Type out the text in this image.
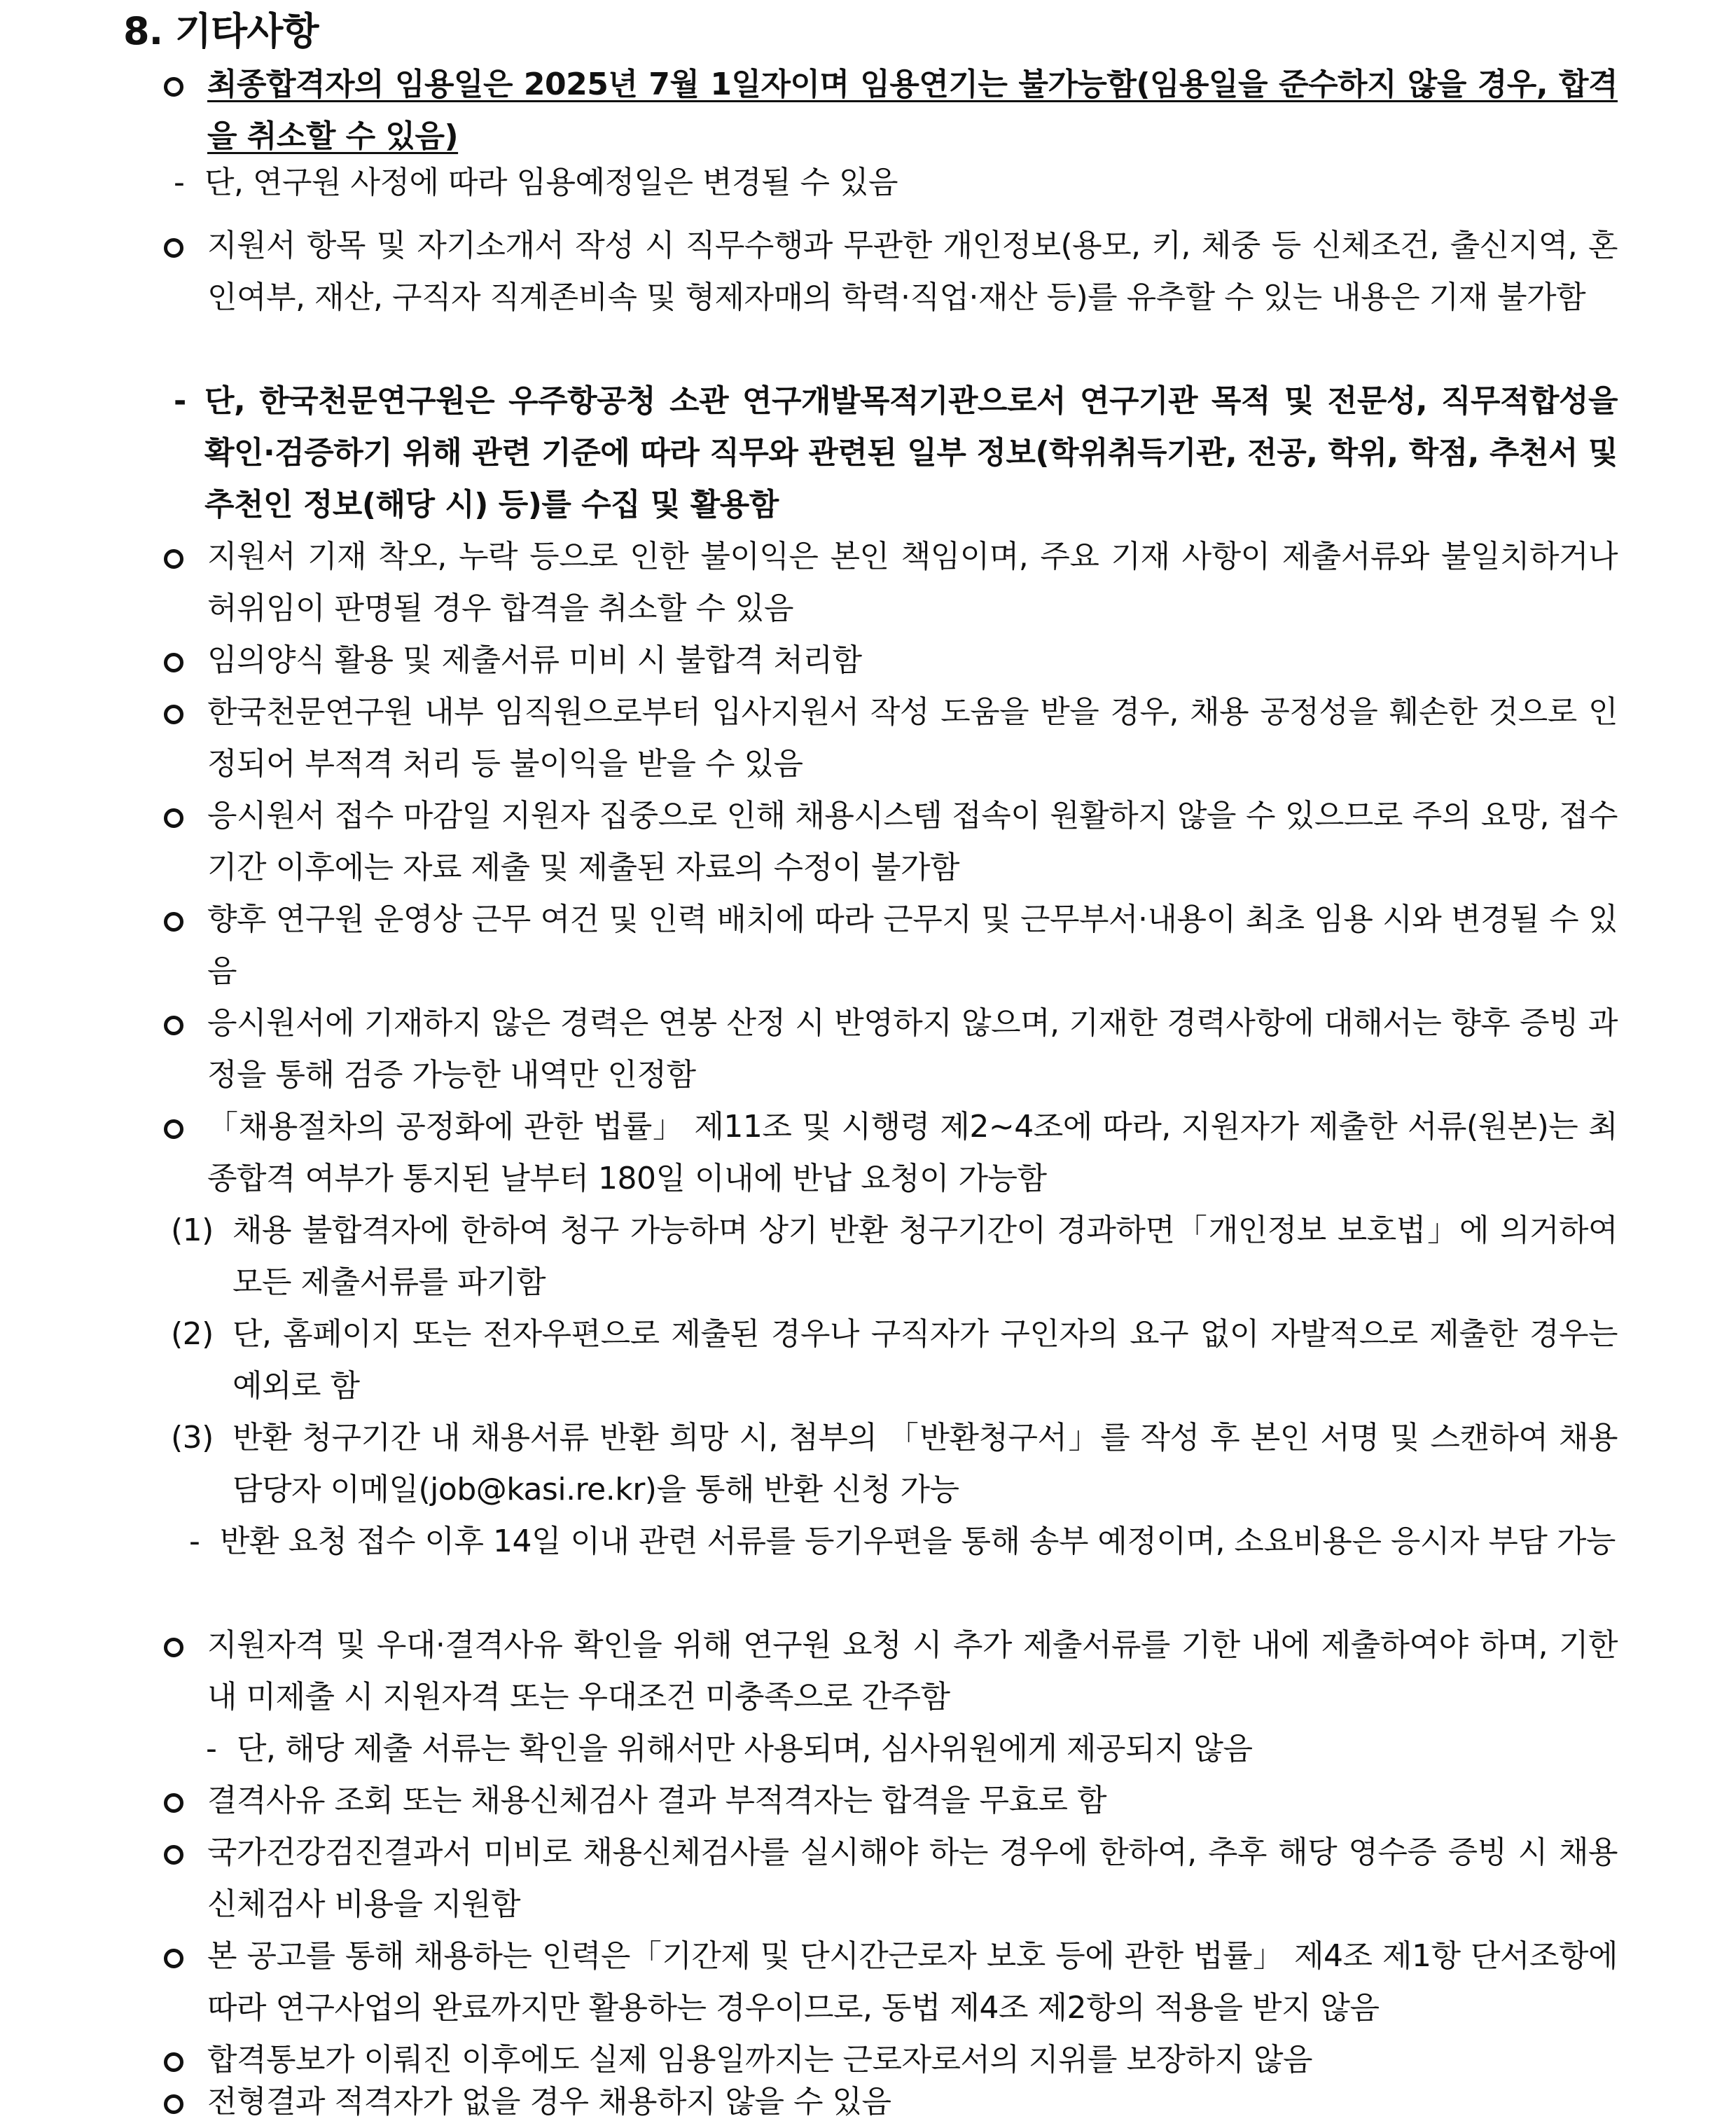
8. 기타사항
최종합격자의 임용일은 2025년 7월 1일자이며 임용연기는 불가능함(임용일을 준수하지 않을 경우, 합격을 취소할 수 있음)
- 단, 연구원 사정에 따라 임용예정일은 변경될 수 있음
지원서 항목 및 자기소개서 작성 시 직무수행과 무관한 개인정보(용모, 키, 체중 등 신체조건, 출신지역, 혼인여부, 재산, 구직자 직계존비속 및 형제자매의 학력·직업·재산 등)를 유추할 수 있는 내용은 기재 불가함
- 단, 한국천문연구원은 우주항공청 소관 연구개발목적기관으로서 연구기관 목적 및 전문성, 직무적합성을 확인·검증하기 위해 관련 기준에 따라 직무와 관련된 일부 정보(학위취득기관, 전공, 학위, 학점, 추천서 및 추천인 정보(해당 시) 등)를 수집 및 활용함
지원서 기재 착오, 누락 등으로 인한 불이익은 본인 책임이며, 주요 기재 사항이 제출서류와 불일치하거나 허위임이 판명될 경우 합격을 취소할 수 있음
임의양식 활용 및 제출서류 미비 시 불합격 처리함
한국천문연구원 내부 임직원으로부터 입사지원서 작성 도움을 받을 경우, 채용 공정성을 훼손한 것으로 인정되어 부적격 처리 등 불이익을 받을 수 있음
응시원서 접수 마감일 지원자 집중으로 인해 채용시스템 접속이 원활하지 않을 수 있으므로 주의 요망, 접수기간 이후에는 자료 제출 및 제출된 자료의 수정이 불가함
향후 연구원 운영상 근무 여건 및 인력 배치에 따라 근무지 및 근무부서·내용이 최초 임용 시와 변경될 수 있음
응시원서에 기재하지 않은 경력은 연봉 산정 시 반영하지 않으며, 기재한 경력사항에 대해서는 향후 증빙 과정을 통해 검증 가능한 내역만 인정함
「채용절차의 공정화에 관한 법률」 제11조 및 시행령 제2~4조에 따라, 지원자가 제출한 서류(원본)는 최종합격 여부가 통지된 날부터 180일 이내에 반납 요청이 가능함
(1) 채용 불합격자에 한하여 청구 가능하며 상기 반환 청구기간이 경과하면「개인정보 보호법」에 의거하여 모든 제출서류를 파기함
(2) 단, 홈페이지 또는 전자우편으로 제출된 경우나 구직자가 구인자의 요구 없이 자발적으로 제출한 경우는 예외로 함
(3) 반환 청구기간 내 채용서류 반환 희망 시, 첨부의 「반환청구서」를 작성 후 본인 서명 및 스캔하여 채용 담당자 이메일(job@kasi.re.kr)을 통해 반환 신청 가능
- 반환 요청 접수 이후 14일 이내 관련 서류를 등기우편을 통해 송부 예정이며, 소요비용은 응시자 부담 가능
지원자격 및 우대·결격사유 확인을 위해 연구원 요청 시 추가 제출서류를 기한 내에 제출하여야 하며, 기한 내 미제출 시 지원자격 또는 우대조건 미충족으로 간주함
- 단, 해당 제출 서류는 확인을 위해서만 사용되며, 심사위원에게 제공되지 않음
결격사유 조회 또는 채용신체검사 결과 부적격자는 합격을 무효로 함
국가건강검진결과서 미비로 채용신체검사를 실시해야 하는 경우에 한하여, 추후 해당 영수증 증빙 시 채용신체검사 비용을 지원함
본 공고를 통해 채용하는 인력은「기간제 및 단시간근로자 보호 등에 관한 법률」 제4조 제1항 단서조항에 따라 연구사업의 완료까지만 활용하는 경우이므로, 동법 제4조 제2항의 적용을 받지 않음
합격통보가 이뤄진 이후에도 실제 임용일까지는 근로자로서의 지위를 보장하지 않음
전형결과 적격자가 없을 경우 채용하지 않을 수 있음
